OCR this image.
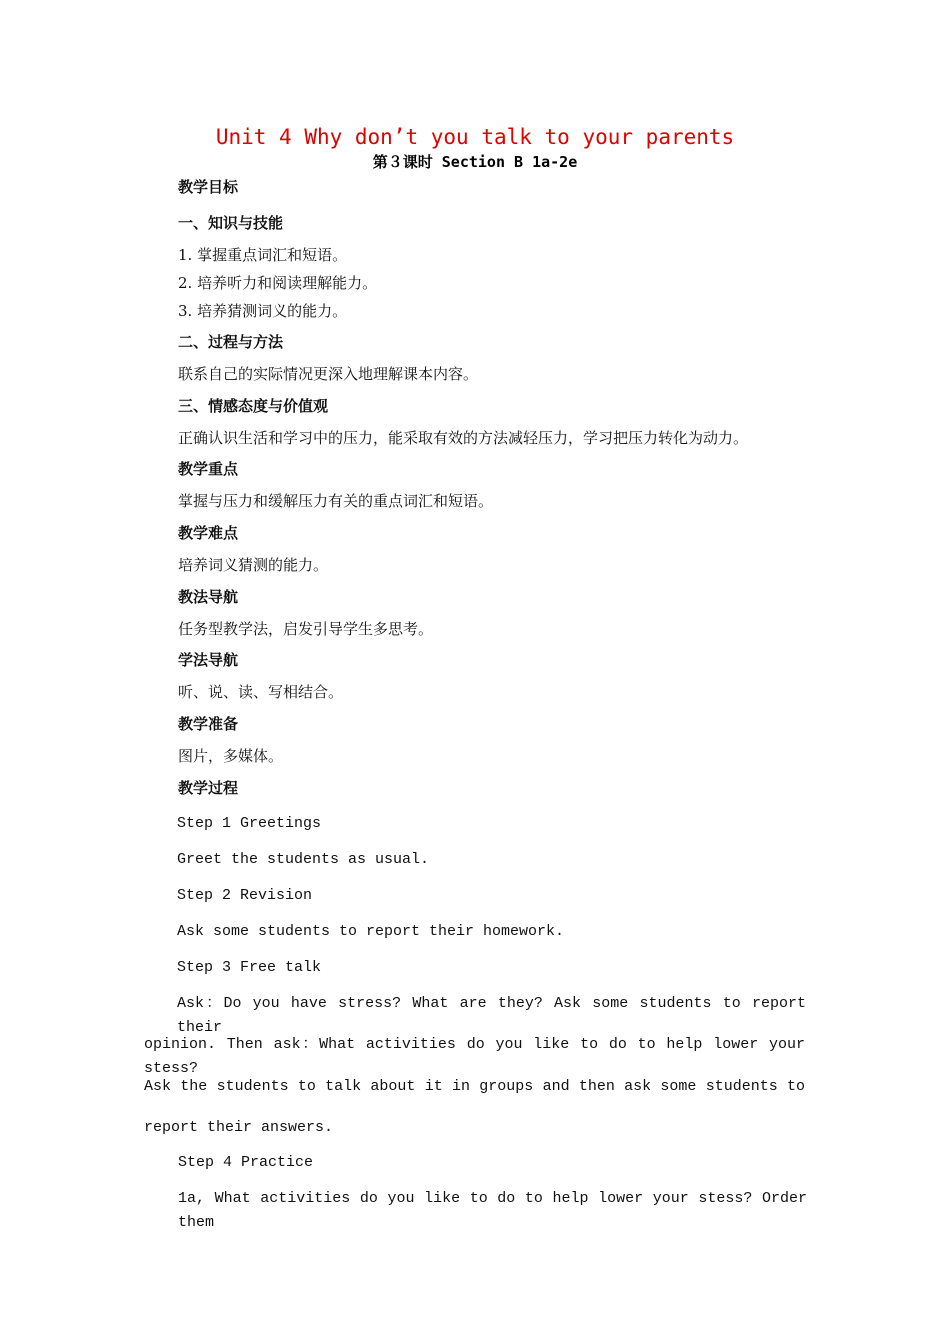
Unit 4 Why don’t you talk to your parents
第３课时 Section B 1a-2e
教学目标
一、知识与技能
1. 掌握重点词汇和短语。
2. 培养听力和阅读理解能力。
3. 培养猜测词义的能力。
二、过程与方法
联系自己的实际情况更深入地理解课本内容。
三、情感态度与价值观
正确认识生活和学习中的压力，能采取有效的方法减轻压力，学习把压力转化为动力。
教学重点
掌握与压力和缓解压力有关的重点词汇和短语。
教学难点
培养词义猜测的能力。
教法导航
任务型教学法，启发引导学生多思考。
学法导航
听、说、读、写相结合。
教学准备
图片，多媒体。
教学过程
Step 1 Greetings
Greet the students as usual.
Step 2 Revision
Ask some students to report their homework.
Step 3 Free talk
Ask：Do you have stress? What are they? Ask some students to report their
opinion. Then ask：What activities do you like to do to help lower your stess?
Ask the students to talk about it in groups and then ask some students to
report their answers.
Step 4 Practice
1a, What activities do you like to do to help lower your stess? Order them
